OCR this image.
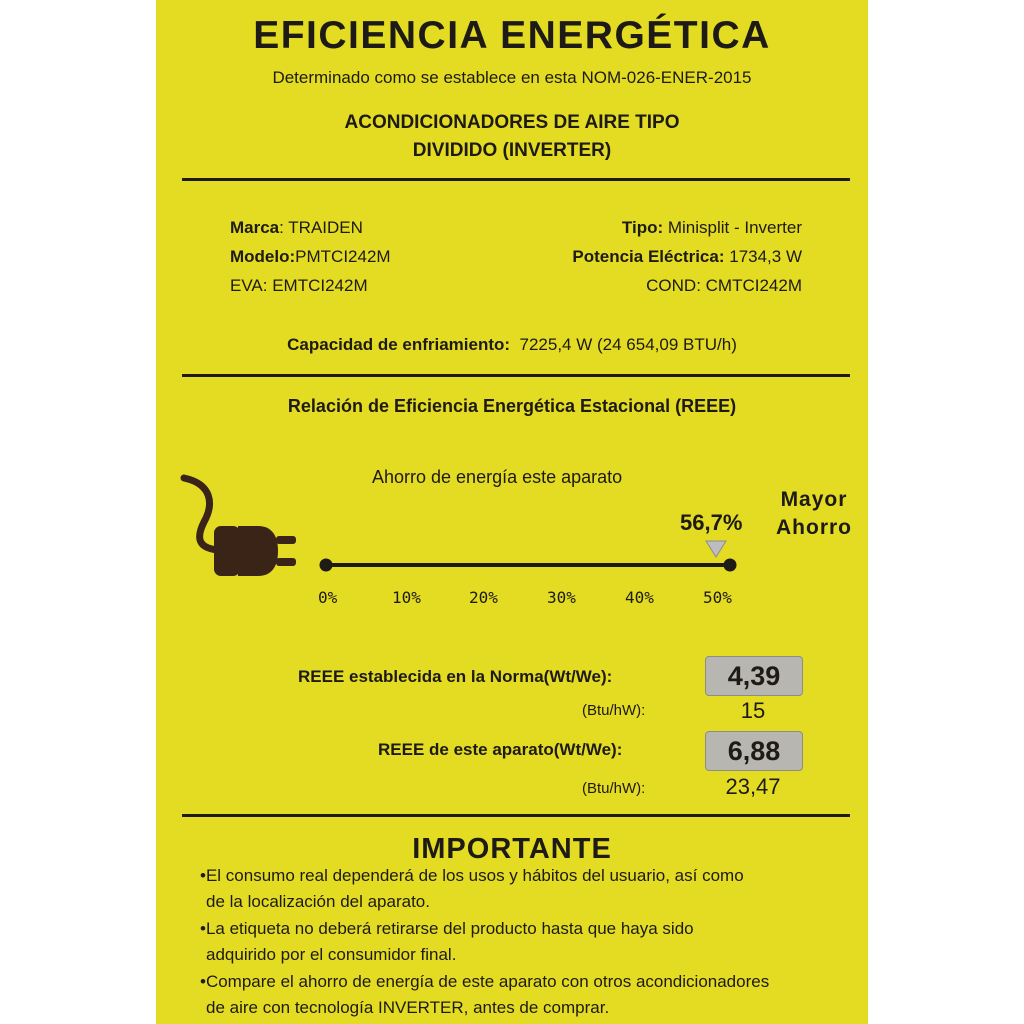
EFICIENCIA ENERGÉTICA
Determinado como se establece en esta NOM-026-ENER-2015
ACONDICIONADORES DE AIRE TIPO
DIVIDIDO (INVERTER)
Marca: TRAIDEN
Modelo:PMTCI242M
EVA: EMTCI242M
Tipo: Minisplit - Inverter
Potencia Eléctrica: 1734,3 W
COND: CMTCI242M
Capacidad de enfriamiento: 7225,4 W (24 654,09 BTU/h)
Relación de Eficiencia Energética Estacional (REEE)
Ahorro de energía este aparato
56,7%
Mayor
Ahorro
0%	10%	20%	30%	40%	50%
REEE establecida en la Norma(Wt/We):	4,39
(Btu/hW):	15
REEE de este aparato(Wt/We):	6,88
(Btu/hW):	23,47
IMPORTANTE
•El consumo real dependerá de los usos y hábitos del usuario, así como
de la localización del aparato.
•La etiqueta no deberá retirarse del producto hasta que haya sido
adquirido por el consumidor final.
•Compare el ahorro de energía de este aparato con otros acondicionadores
de aire con tecnología INVERTER, antes de comprar.
